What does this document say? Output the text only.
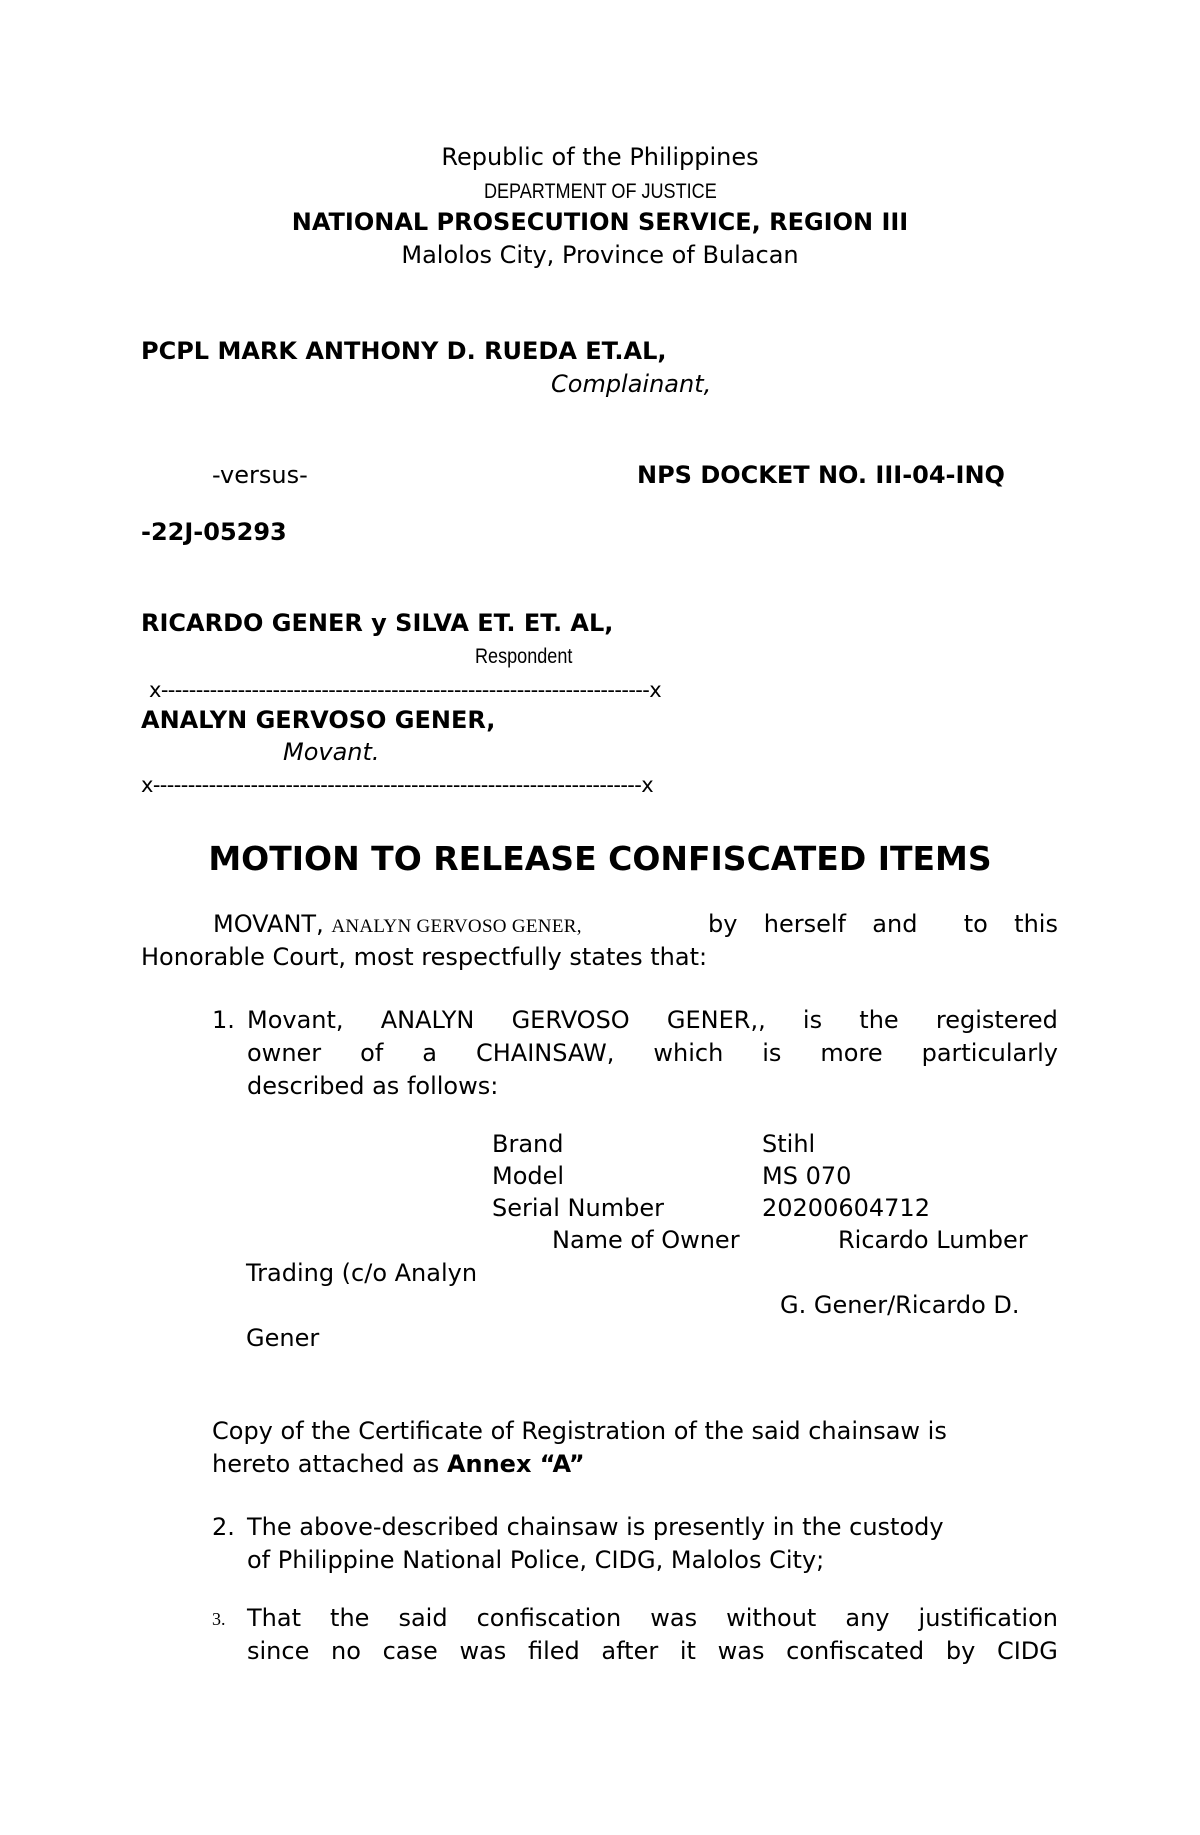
Republic of the Philippines
DEPARTMENT OF JUSTICE
NATIONAL PROSECUTION SERVICE, REGION III
Malolos City, Province of Bulacan
PCPL MARK ANTHONY D. RUEDA ET.AL,
Complainant,
-versus-	NPS DOCKET NO. III-04-INQ
-22J-05293
RICARDO GENER y SILVA ET. ET. AL,
Respondent
x----------------------------------------------------------------------x
ANALYN GERVOSO GENER,
Movant.
x----------------------------------------------------------------------x
MOTION TO RELEASE CONFISCATED ITEMS
MOVANT, ANALYN GERVOSO GENER,	by herself and to this
Honorable Court, most respectfully states that:
1. Movant, ANALYN GERVOSO GENER,, is the registered
owner of a CHAINSAW, which is more particularly
described as follows:
Brand	Stihl
Model	MS 070
Serial Number	20200604712
Name of Owner	Ricardo Lumber
Trading (c/o Analyn
G. Gener/Ricardo D.
Gener
Copy of the Certificate of Registration of the said chainsaw is
hereto attached as Annex “A”
2. The above-described chainsaw is presently in the custody
of Philippine National Police, CIDG, Malolos City;
3. That the said confiscation was without any justification
since no case was filed after it was confiscated by CIDG
